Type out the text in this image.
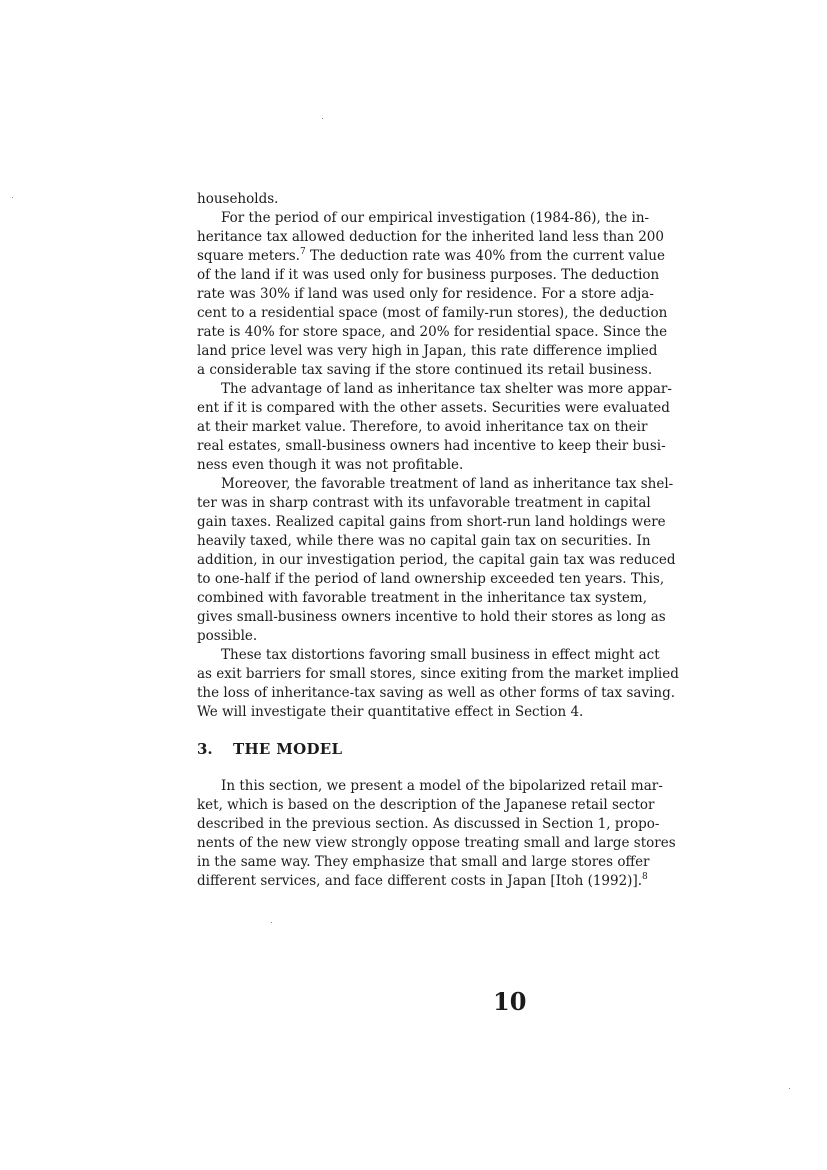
households.
For the period of our empirical investigation (1984-86), the in-
heritance tax allowed deduction for the inherited land less than 200
square meters.$^7$ The deduction rate was 40% from the current value
of the land if it was used only for business purposes. The deduction
rate was 30% if land was used only for residence. For a store adja-
cent to a residential space (most of family-run stores), the deduction
rate is 40% for store space, and 20% for residential space. Since the
land price level was very high in Japan, this rate difference implied
a considerable tax saving if the store continued its retail business.
The advantage of land as inheritance tax shelter was more appar-
ent if it is compared with the other assets. Securities were evaluated
at their market value. Therefore, to avoid inheritance tax on their
real estates, small-business owners had incentive to keep their busi-
ness even though it was not profitable.
Moreover, the favorable treatment of land as inheritance tax shel-
ter was in sharp contrast with its unfavorable treatment in capital
gain taxes. Realized capital gains from short-run land holdings were
heavily taxed, while there was no capital gain tax on securities. In
addition, in our investigation period, the capital gain tax was reduced
to one-half if the period of land ownership exceeded ten years. This,
combined with favorable treatment in the inheritance tax system,
gives small-business owners incentive to hold their stores as long as
possible.
These tax distortions favoring small business in effect might act
as exit barriers for small stores, since exiting from the market implied
the loss of inheritance-tax saving as well as other forms of tax saving.
We will investigate their quantitative effect in Section 4.
3. THE MODEL
In this section, we present a model of the bipolarized retail mar-
ket, which is based on the description of the Japanese retail sector
described in the previous section. As discussed in Section 1, propo-
nents of the new view strongly oppose treating small and large stores
in the same way. They emphasize that small and large stores offer
different services, and face different costs in Japan [Itoh (1992)].$^8$
10
